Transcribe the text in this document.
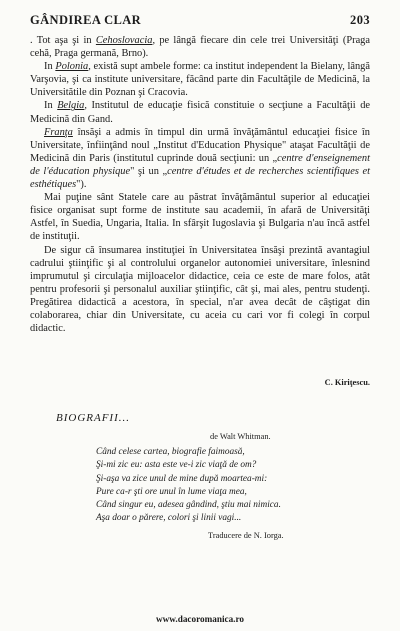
GÂNDIREA CLAR	203

. Tot aşa şi in Cehoslovacia, pe lângă fiecare din cele trei Universităţi (Praga cehă, Praga germană, Brno).

In Polonia, există supt ambele forme: ca institut independent la Bielany, lângă Varşovia, şi ca institute universitare, făcând parte din Facultăţile de Medicină, la Universitătile din Poznan şi Cracovia.

In Belgia, Institutul de educaţie fisică constituie o secţiune a Facultăţii de Medicină din Gand.

Franţa însăşi a admis în timpul din urmă învăţământul educaţiei fisice în Universitate, înfiinţând noul „Institut d'Education Physique" ataşat Facultăţii de Medicină din Paris (institutul cuprinde două secţiuni: un „centre d'enseignement de l'éducation physique" şi un „centre d'études et de recherches scientifiques et esthétiques").

Mai puţine sânt Statele care au păstrat învăţământul superior al educaţiei fisice organisat supt forme de institute sau academii, în afară de Universităţi Astfel, în Suedia, Ungaria, Italia. In sfârşit Iugoslavia şi Bulgaria n'au încă astfel de instituţii.

De sigur că însumarea instituţiei în Universitatea însăşi prezintă avantagiul cadrului ştiinţific şi al controlului organelor autonomiei universitare, înlesnind imprumutul şi circulaţia mijloacelor didactice, ceia ce este de mare folos, atât pentru profesorii şi personalul auxiliar ştiinţific, cât şi, mai ales, pentru studenţi. Pregătirea didactică a acestora, în special, n'ar avea decât de câştigat din colaborarea, chiar din Universitate, cu aceia cu cari vor fi colegi în corpul didactic.

C. Kiriţescu.
BIOGRAFII...
de Walt Whitman.
Când celese cartea, biografie faimoasă,
Şi-mi zic eu: asta este ve-i zic viaţă de om?
Şi-aşa va zice unul de mine după moartea-mi:
Pure ca-r şti ore unul în lume viaţa mea,
Când singur eu, adesea gândind, ştiu mai nimica.
Aşa doar o părere, colori şi linii vagi...
Traducere de N. Iorga.
www.dacoromanica.ro
